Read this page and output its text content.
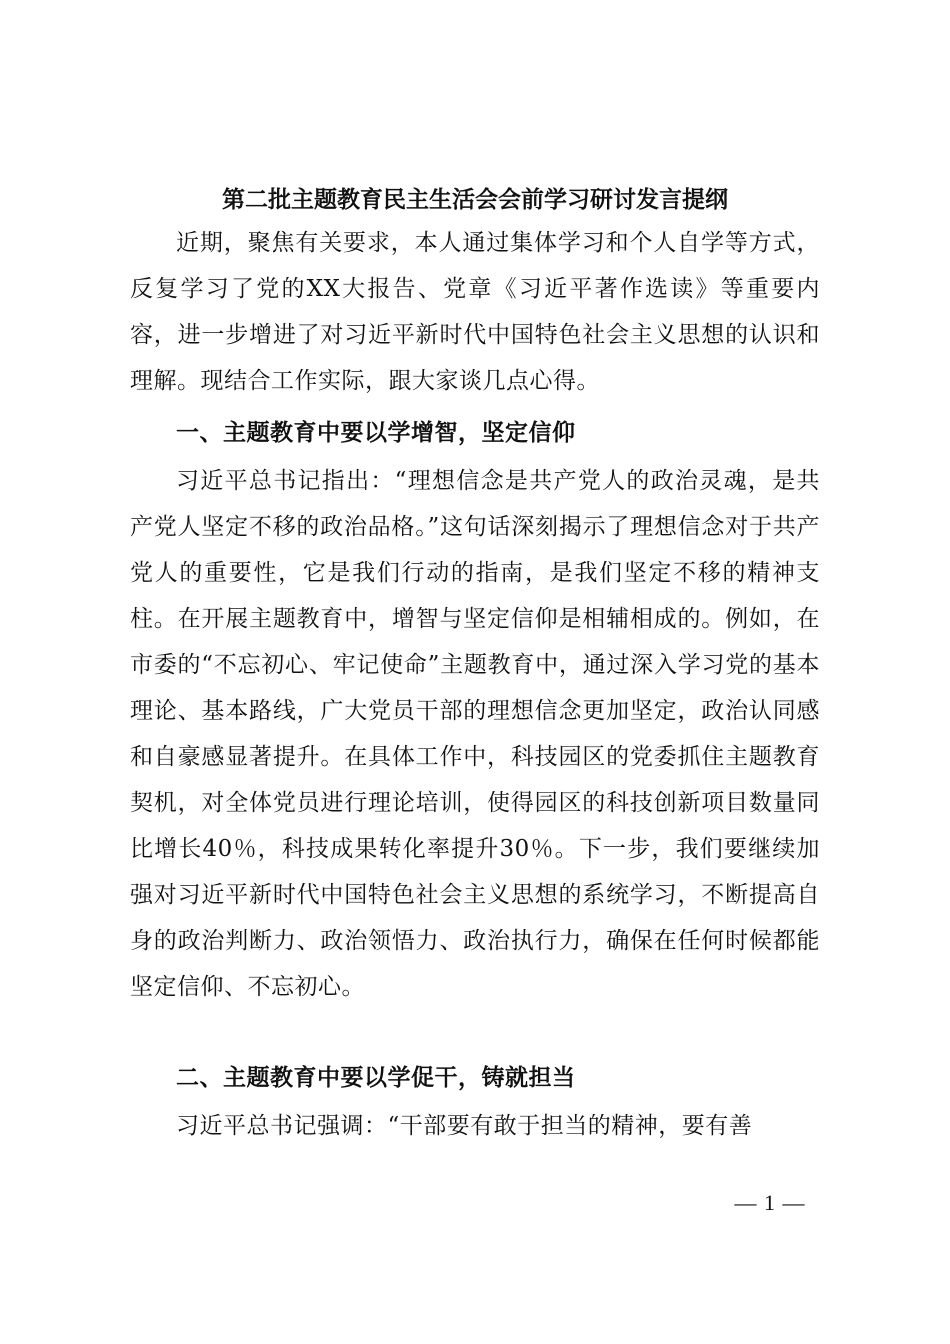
第二批主题教育民主生活会会前学习研讨发言提纲
近期，聚焦有关要求，本人通过集体学习和个人自学等方式，反复学习了党的XX大报告、党章《习近平著作选读》等重要内容，进一步增进了对习近平新时代中国特色社会主义思想的认识和理解。现结合工作实际，跟大家谈几点心得。
一、主题教育中要以学增智，坚定信仰
习近平总书记指出：“理想信念是共产党人的政治灵魂，是共产党人坚定不移的政治品格。”这句话深刻揭示了理想信念对于共产党人的重要性，它是我们行动的指南，是我们坚定不移的精神支柱。在开展主题教育中，增智与坚定信仰是相辅相成的。例如，在市委的“不忘初心、牢记使命”主题教育中，通过深入学习党的基本理论、基本路线，广大党员干部的理想信念更加坚定，政治认同感和自豪感显著提升。在具体工作中，科技园区的党委抓住主题教育契机，对全体党员进行理论培训，使得园区的科技创新项目数量同比增长40％，科技成果转化率提升30％。下一步，我们要继续加强对习近平新时代中国特色社会主义思想的系统学习，不断提高自身的政治判断力、政治领悟力、政治执行力，确保在任何时候都能坚定信仰、不忘初心。
二、主题教育中要以学促干，铸就担当
习近平总书记强调：“干部要有敢于担当的精神，要有善
— 1 —
